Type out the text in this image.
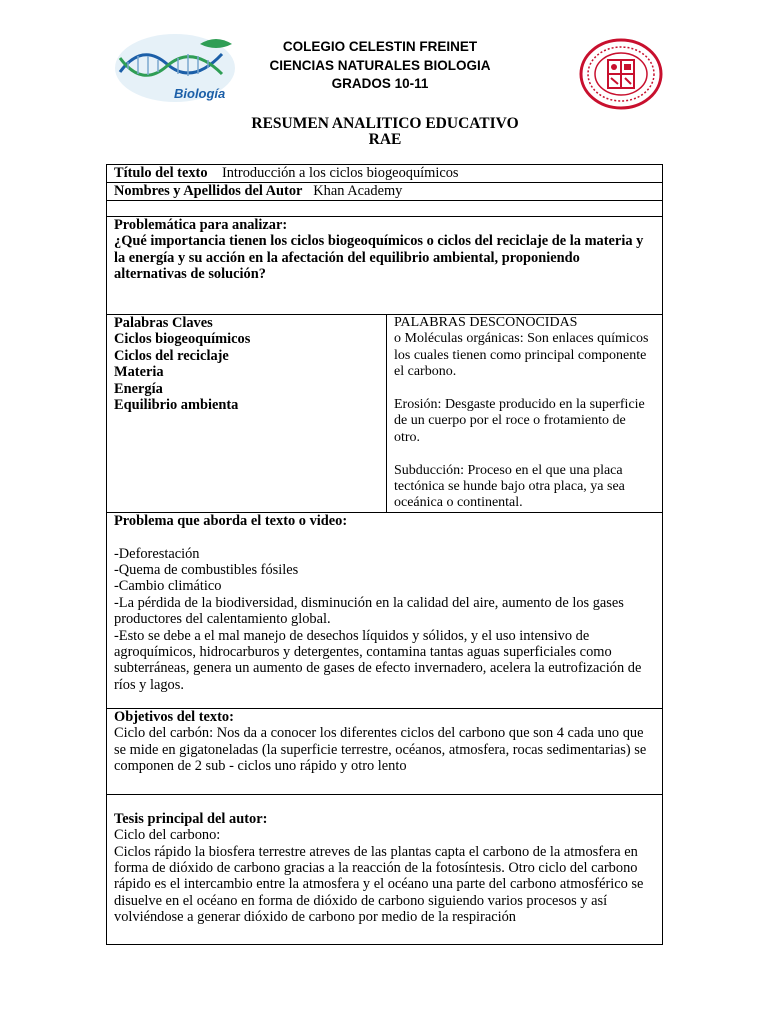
Biología
COLEGIO CELESTIN FREINET
CIENCIAS NATURALES BIOLOGIA
GRADOS 10-11
RESUMEN ANALITICO EDUCATIVO
RAE
Título del texto Introducción a los ciclos biogeoquímicos
Nombres y Apellidos del Autor Khan Academy

Problemática para analizar:
¿Qué importancia tienen los ciclos biogeoquímicos o ciclos del reciclaje de la materia y la energía y su acción en la afectación del equilibrio ambiental, proponiendo alternativas de solución?

Palabras Claves
Ciclos biogeoquímicos
Ciclos del reciclaje
Materia
Energía
Equilibrio ambienta

PALABRAS DESCONOCIDAS
o Moléculas orgánicas: Son enlaces químicos los cuales tienen como principal componente el carbono.
Erosión: Desgaste producido en la superficie de un cuerpo por el roce o frotamiento de otro.
Subducción: Proceso en el que una placa tectónica se hunde bajo otra placa, ya sea oceánica o continental.

Problema que aborda el texto o video:
-Deforestación
-Quema de combustibles fósiles
-Cambio climático
-La pérdida de la biodiversidad, disminución en la calidad del aire, aumento de los gases productores del calentamiento global.
-Esto se debe a el mal manejo de desechos líquidos y sólidos, y el uso intensivo de agroquímicos, hidrocarburos y detergentes, contamina tantas aguas superficiales como subterráneas, genera un aumento de gases de efecto invernadero, acelera la eutrofización de ríos y lagos.

Objetivos del texto:
Ciclo del carbón: Nos da a conocer los diferentes ciclos del carbono que son 4 cada uno que se mide en gigatoneladas (la superficie terrestre, océanos, atmosfera, rocas sedimentarias) se componen de 2 sub - ciclos uno rápido y otro lento

Tesis principal del autor:
Ciclo del carbono:
Ciclos rápido la biosfera terrestre atreves de las plantas capta el carbono de la atmosfera en forma de dióxido de carbono gracias a la reacción de la fotosíntesis. Otro ciclo del carbono rápido es el intercambio entre la atmosfera y el océano una parte del carbono atmosférico se disuelve en el océano en forma de dióxido de carbono siguiendo varios procesos y así volviéndose a generar dióxido de carbono por medio de la respiración
